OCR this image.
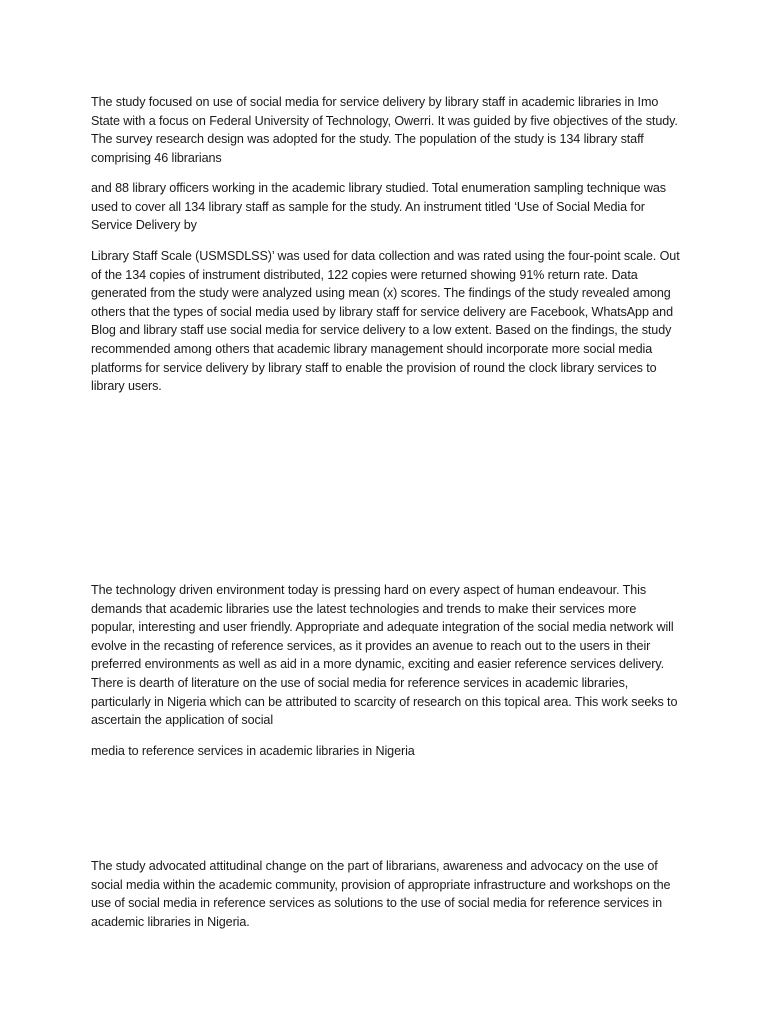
The study focused on use of social media for service delivery by library staff in academic libraries in Imo State with a focus on Federal University of Technology, Owerri. It was guided by five objectives of the study. The survey research design was adopted for the study. The population of the study is 134 library staff comprising 46 librarians

and 88 library officers working in the academic library studied. Total enumeration sampling technique was used to cover all 134 library staff as sample for the study. An instrument titled ‘Use of Social Media for Service Delivery by

Library Staff Scale (USMSDLSS)’ was used for data collection and was rated using the four-point scale. Out of the 134 copies of instrument distributed, 122 copies were returned showing 91% return rate. Data generated from the study were analyzed using mean (x) scores. The findings of the study revealed among others that the types of social media used by library staff for service delivery are Facebook, WhatsApp and Blog and library staff use social media for service delivery to a low extent. Based on the findings, the study recommended among others that academic library management should incorporate more social media platforms for service delivery by library staff to enable the provision of round the clock library services to library users.

The technology driven environment today is pressing hard on every aspect of human endeavour. This demands that academic libraries use the latest technologies and trends to make their services more popular, interesting and user friendly. Appropriate and adequate integration of the social media network will evolve in the recasting of reference services, as it provides an avenue to reach out to the users in their preferred environments as well as aid in a more dynamic, exciting and easier reference services delivery. There is dearth of literature on the use of social media for reference services in academic libraries, particularly in Nigeria which can be attributed to scarcity of research on this topical area. This work seeks to ascertain the application of social

media to reference services in academic libraries in Nigeria

The study advocated attitudinal change on the part of librarians, awareness and advocacy on the use of social media within the academic community, provision of appropriate infrastructure and workshops on the use of social media in reference services as solutions to the use of social media for reference services in academic libraries in Nigeria.
